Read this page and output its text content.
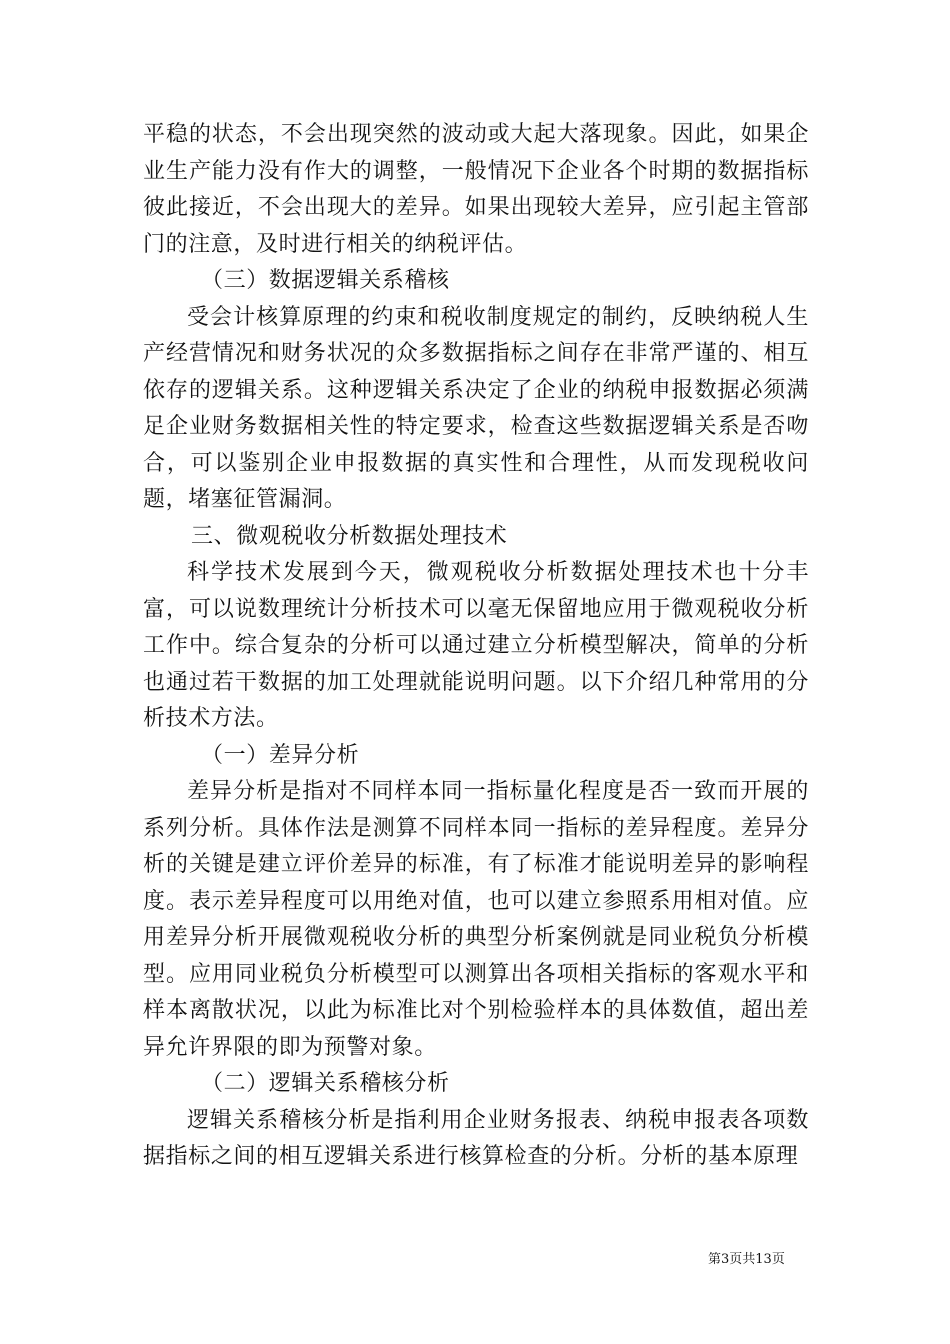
平稳的状态，不会出现突然的波动或大起大落现象。因此，如果企业生产能力没有作大的调整，一般情况下企业各个时期的数据指标彼此接近，不会出现大的差异。如果出现较大差异，应引起主管部门的注意，及时进行相关的纳税评估。

（三）数据逻辑关系稽核

受会计核算原理的约束和税收制度规定的制约，反映纳税人生产经营情况和财务状况的众多数据指标之间存在非常严谨的、相互依存的逻辑关系。这种逻辑关系决定了企业的纳税申报数据必须满足企业财务数据相关性的特定要求，检查这些数据逻辑关系是否吻合，可以鉴别企业申报数据的真实性和合理性，从而发现税收问题，堵塞征管漏洞。

三、微观税收分析数据处理技术

科学技术发展到今天，微观税收分析数据处理技术也十分丰富，可以说数理统计分析技术可以毫无保留地应用于微观税收分析工作中。综合复杂的分析可以通过建立分析模型解决，简单的分析也通过若干数据的加工处理就能说明问题。以下介绍几种常用的分析技术方法。

（一）差异分析

差异分析是指对不同样本同一指标量化程度是否一致而开展的系列分析。具体作法是测算不同样本同一指标的差异程度。差异分析的关键是建立评价差异的标准，有了标准才能说明差异的影响程度。表示差异程度可以用绝对值，也可以建立参照系用相对值。应用差异分析开展微观税收分析的典型分析案例就是同业税负分析模型。应用同业税负分析模型可以测算出各项相关指标的客观水平和样本离散状况，以此为标准比对个别检验样本的具体数值，超出差异允许界限的即为预警对象。

（二）逻辑关系稽核分析

逻辑关系稽核分析是指利用企业财务报表、纳税申报表各项数据指标之间的相互逻辑关系进行核算检查的分析。分析的基本原理

第3页共13页
